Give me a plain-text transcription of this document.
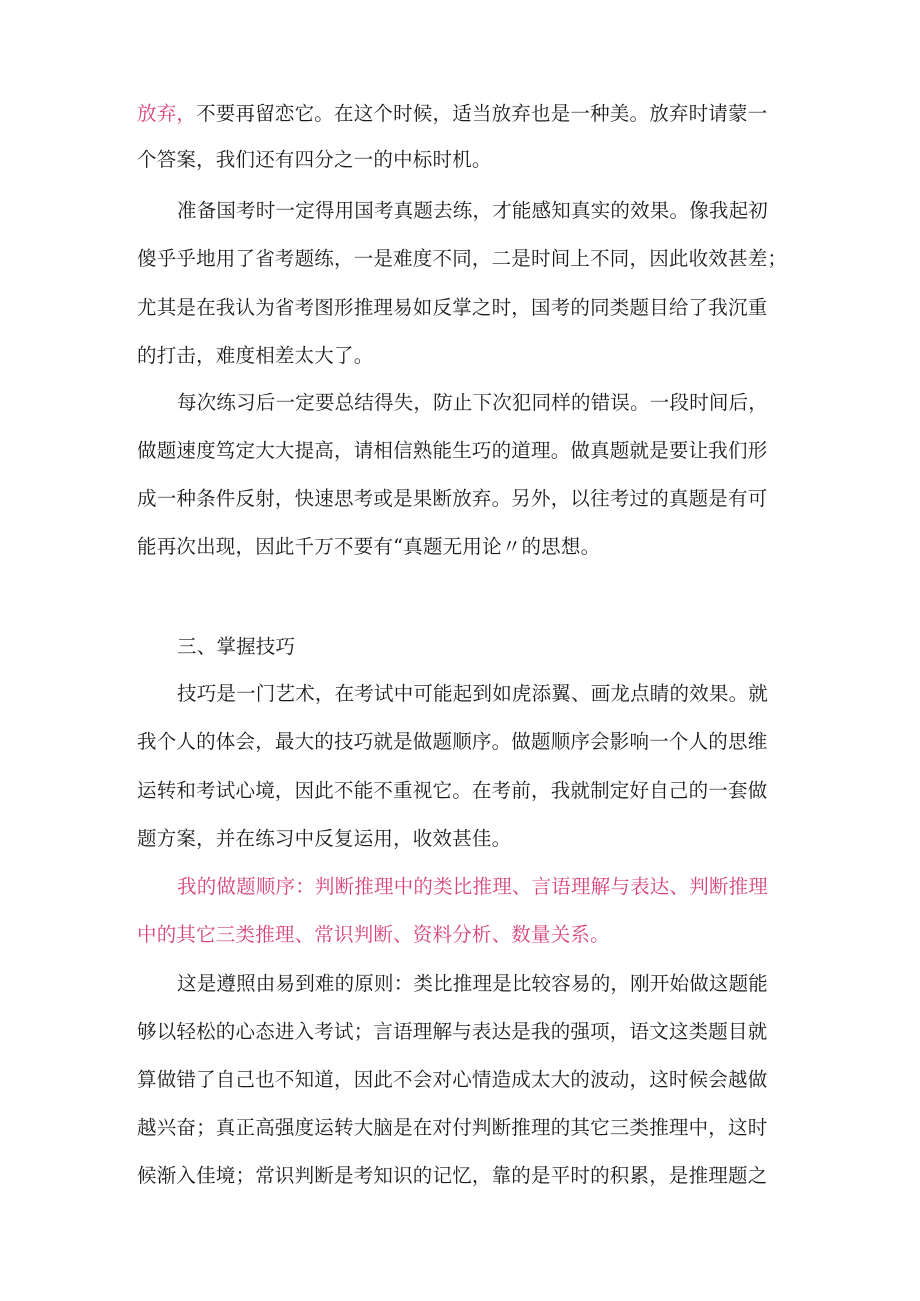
放弃，不要再留恋它。在这个时候，适当放弃也是一种美。放弃时请蒙一
个答案，我们还有四分之一的中标时机。
准备国考时一定得用国考真题去练，才能感知真实的效果。像我起初
傻乎乎地用了省考题练，一是难度不同，二是时间上不同，因此收效甚差；
尤其是在我认为省考图形推理易如反掌之时，国考的同类题目给了我沉重
的打击，难度相差太大了。
每次练习后一定要总结得失，防止下次犯同样的错误。一段时间后，
做题速度笃定大大提高，请相信熟能生巧的道理。做真题就是要让我们形
成一种条件反射，快速思考或是果断放弃。另外，以往考过的真题是有可
能再次出现，因此千万不要有“真题无用论〃的思想。
三、掌握技巧
技巧是一门艺术，在考试中可能起到如虎添翼、画龙点睛的效果。就
我个人的体会，最大的技巧就是做题顺序。做题顺序会影响一个人的思维
运转和考试心境，因此不能不重视它。在考前，我就制定好自己的一套做
题方案，并在练习中反复运用，收效甚佳。
我的做题顺序：判断推理中的类比推理、言语理解与表达、判断推理
中的其它三类推理、常识判断、资料分析、数量关系。
这是遵照由易到难的原则：类比推理是比较容易的，刚开始做这题能
够以轻松的心态进入考试；言语理解与表达是我的强项，语文这类题目就
算做错了自己也不知道，因此不会对心情造成太大的波动，这时候会越做
越兴奋；真正高强度运转大脑是在对付判断推理的其它三类推理中，这时
候渐入佳境；常识判断是考知识的记忆，靠的是平时的积累，是推理题之
